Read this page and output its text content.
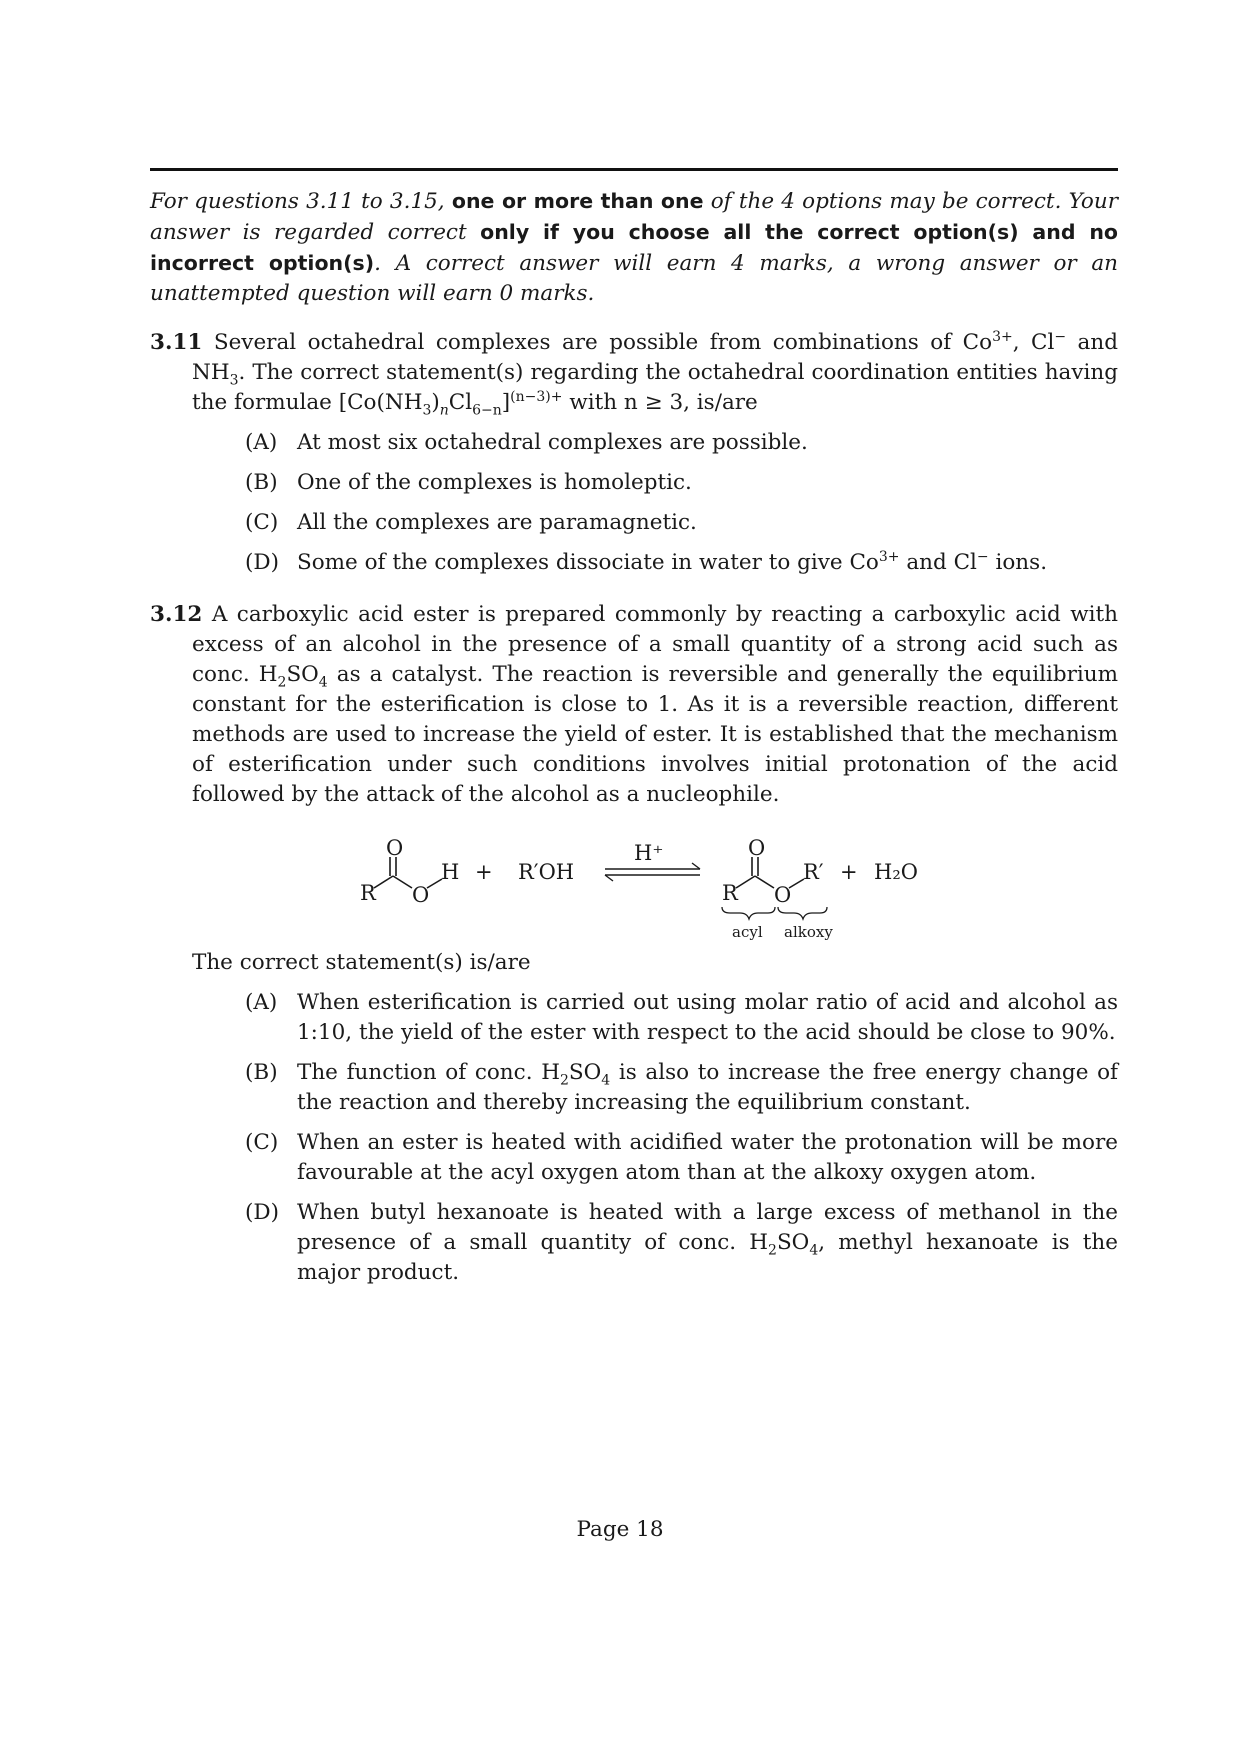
For questions 3.11 to 3.15, one or more than one of the 4 options may be correct. Your answer is regarded correct only if you choose all the correct option(s) and no incorrect option(s). A correct answer will earn 4 marks, a wrong answer or an unattempted question will earn 0 marks.
3.11 Several octahedral complexes are possible from combinations of $Co^{3+}$, Cl− and $NH_3$. The correct statement(s) regarding the octahedral coordination entities having the formulae $[Co(NH_3)_nCl_{6-n}]^{(n-3)+}$ with n ≥ 3, is/are
(A) At most six octahedral complexes are possible.
(B) One of the complexes is homoleptic.
(C) All the complexes are paramagnetic.
(D) Some of the complexes dissociate in water to give $Co^{3+}$ and Cl− ions.
3.12 A carboxylic acid ester is prepared commonly by reacting a carboxylic acid with excess of an alcohol in the presence of a small quantity of a strong acid such as conc. $H_2SO_4$ as a catalyst. The reaction is reversible and generally the equilibrium constant for the esterification is close to 1. As it is a reversible reaction, different methods are used to increase the yield of ester. It is established that the mechanism of esterification under such conditions involves initial protonation of the acid followed by the attack of the alcohol as a nucleophile.
R
O
O
H + R′OH
H⁺
R
O
O
R′ + H₂O
acyl alkoxy
The correct statement(s) is/are
(A) When esterification is carried out using molar ratio of acid and alcohol as 1:10, the yield of the ester with respect to the acid should be close to 90%.
(B) The function of conc. $H_2SO_4$ is also to increase the free energy change of the reaction and thereby increasing the equilibrium constant.
(C) When an ester is heated with acidified water the protonation will be more favourable at the acyl oxygen atom than at the alkoxy oxygen atom.
(D) When butyl hexanoate is heated with a large excess of methanol in the presence of a small quantity of conc. $H_2SO_4$, methyl hexanoate is the major product.
Page 18
